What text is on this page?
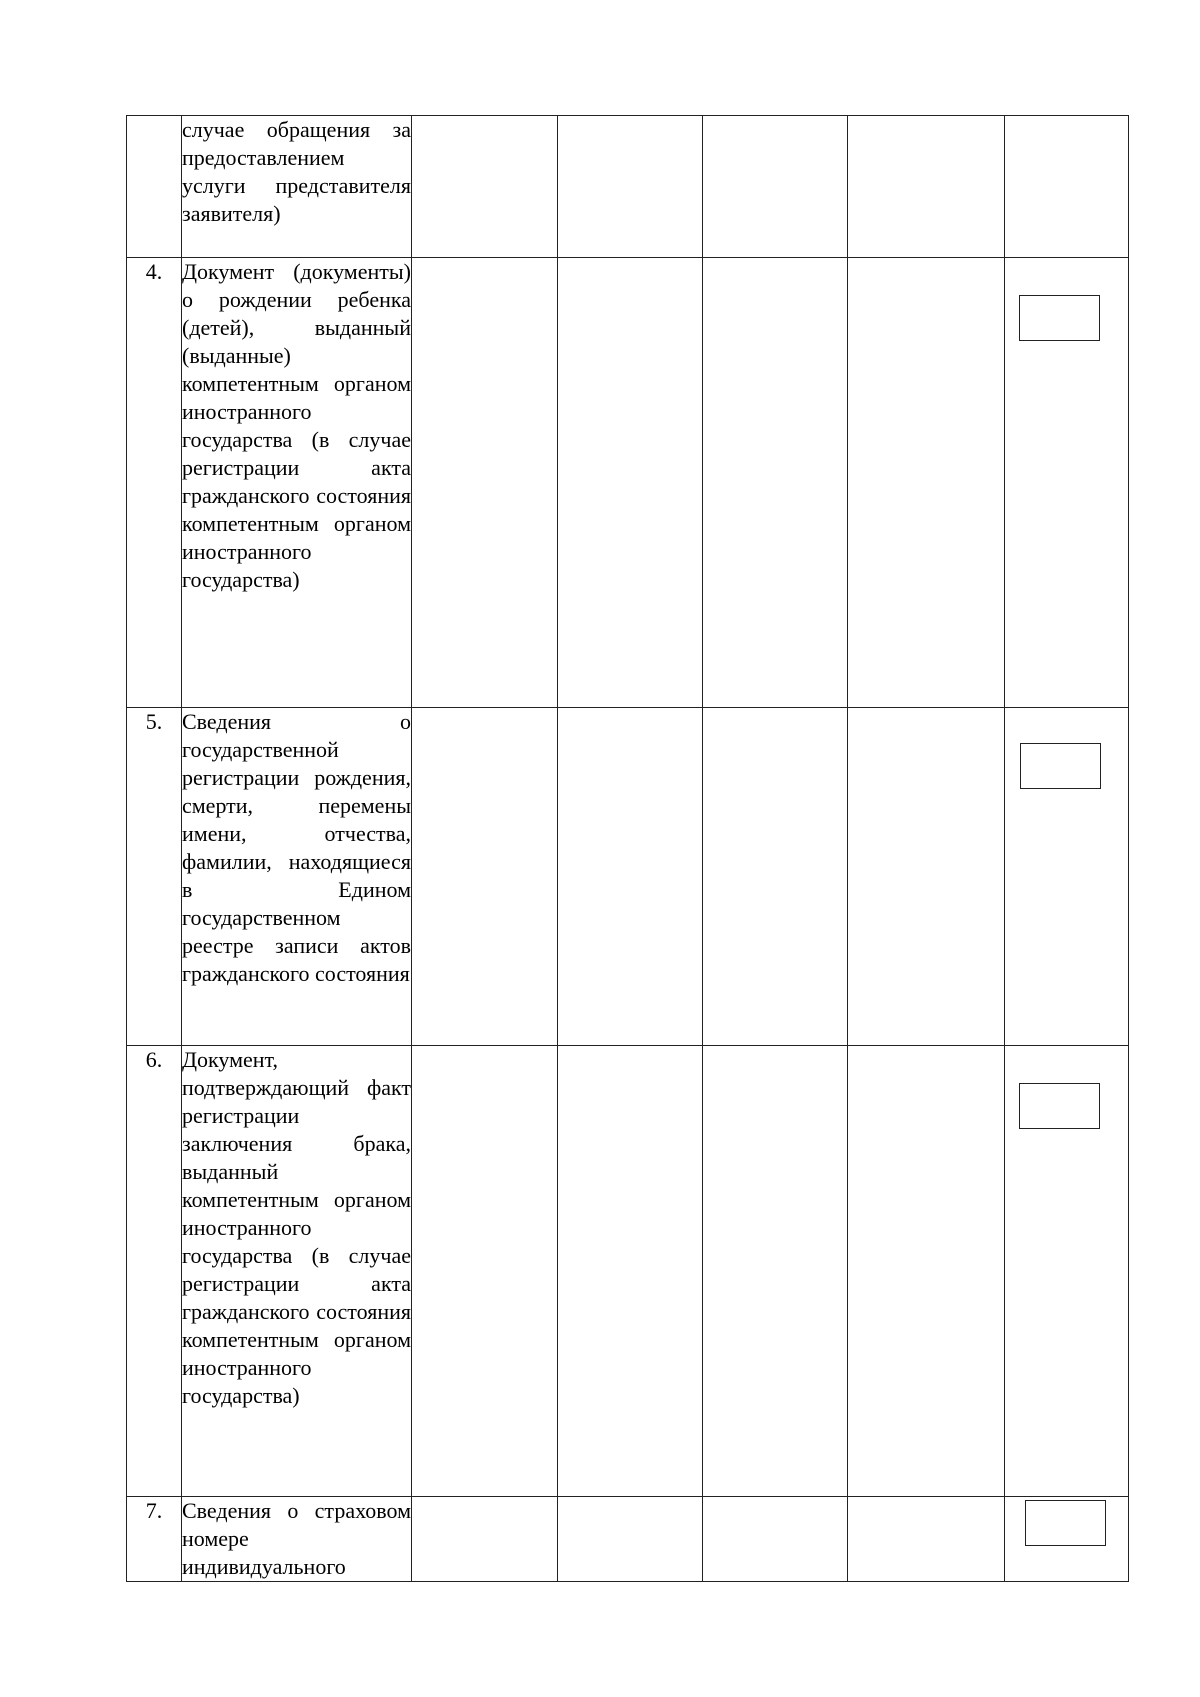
	случае обращения за предоставлением услуги представителя заявителя)					
4.	Документ (документы) о рождении ребенка (детей), выданный (выданные) компетентным органом иностранного государства (в случае регистрации акта гражданского состояния компетентным органом иностранного государства)					

5.	Сведения о государственной регистрации рождения, смерти, перемены имени, отчества, фамилии, находящиеся в Едином государственном реестре записи актов гражданского состояния					

6.	Документ, подтверждающий факт регистрации заключения брака, выданный компетентным органом иностранного государства (в случае регистрации акта гражданского состояния компетентным органом иностранного государства)					

7.	Сведения о страховом номере индивидуального					
